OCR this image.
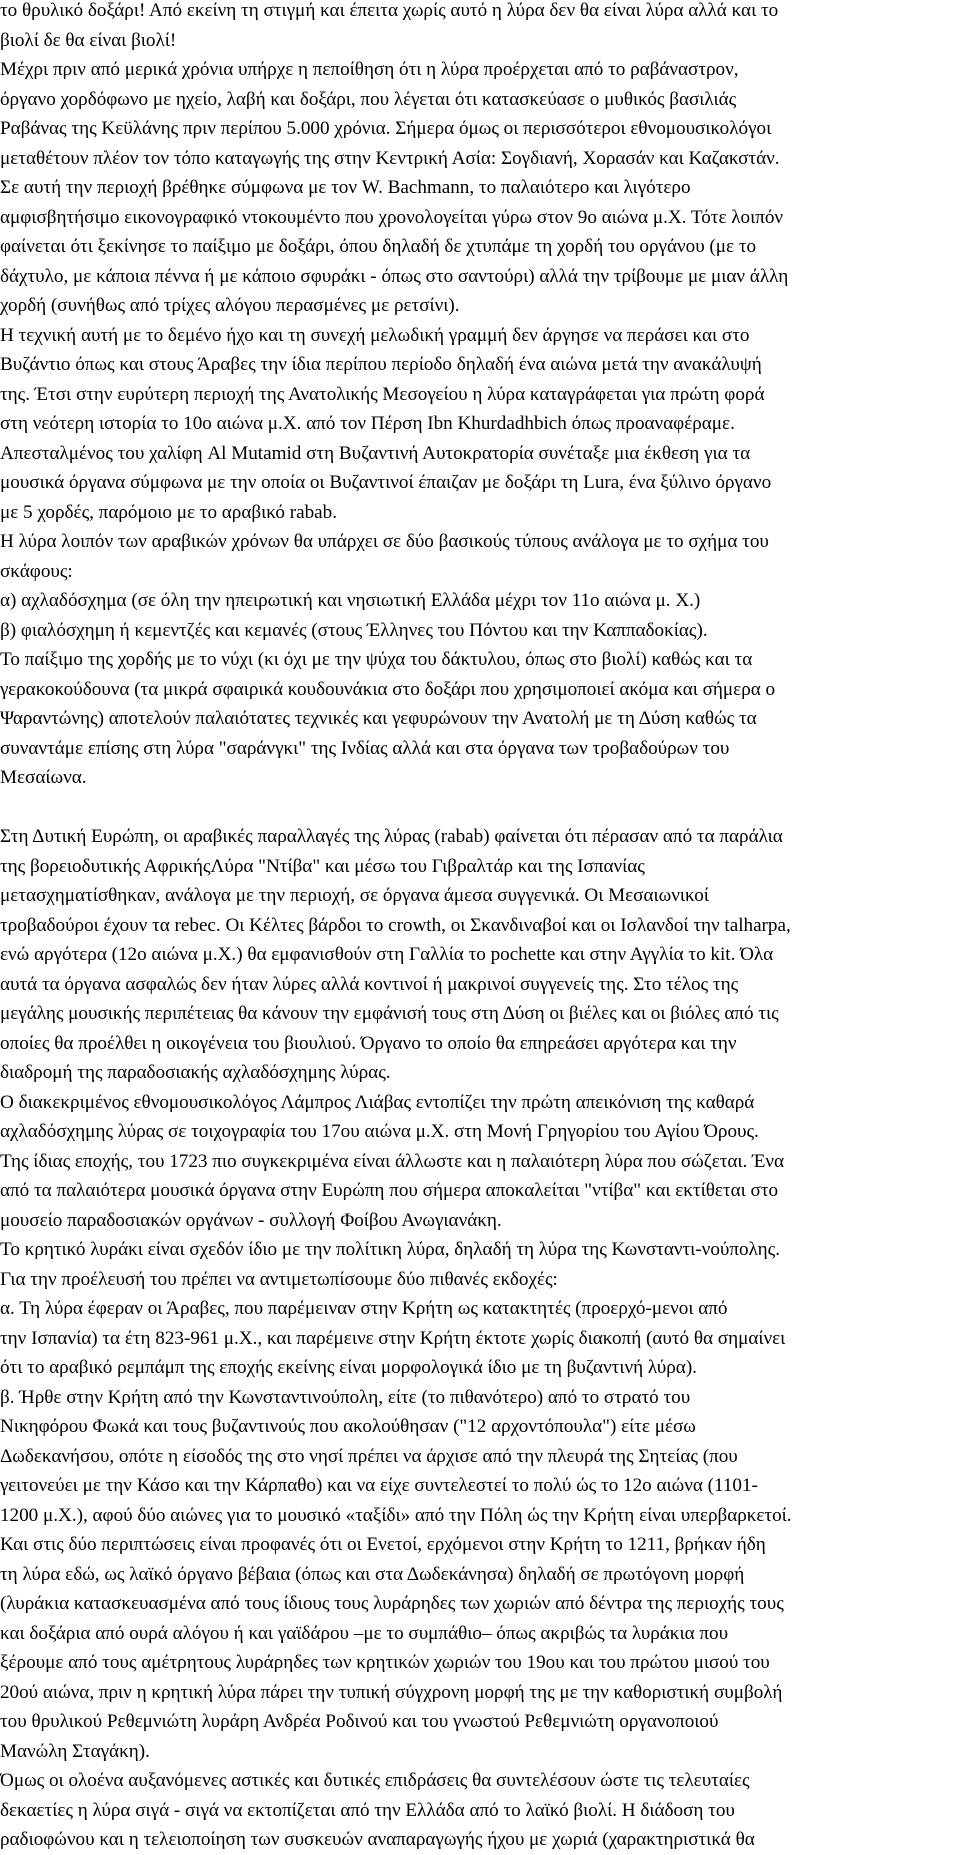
το θρυλικό δοξάρι! Από εκείνη τη στιγμή και έπειτα χωρίς αυτό η λύρα δεν θα είναι λύρα αλλά και το
βιολί δε θα είναι βιολί!
Μέχρι πριν από μερικά χρόνια υπήρχε η πεποίθηση ότι η λύρα προέρχεται από το ραβάναστρον,
όργανο χορδόφωνο με ηχείο, λαβή και δοξάρι, που λέγεται ότι κατασκεύασε ο μυθικός βασιλιάς
Ραβάνας της Κεϋλάνης πριν περίπου 5.000 χρόνια. Σήμερα όμως οι περισσότεροι εθνομουσικολόγοι
μεταθέτουν πλέον τον τόπο καταγωγής της στην Κεντρική Ασία: Σογδιανή, Χορασάν και Καζακστάν.
Σε αυτή την περιοχή βρέθηκε σύμφωνα με τον W. Bachmann, το παλαιότερο και λιγότερο
αμφισβητήσιμο εικονογραφικό ντοκουμέντο που χρονολογείται γύρω στον 9ο αιώνα μ.Χ. Τότε λοιπόν
φαίνεται ότι ξεκίνησε το παίξιμο με δοξάρι, όπου δηλαδή δε χτυπάμε τη χορδή του οργάνου (με το
δάχτυλο, με κάποια πέννα ή με κάποιο σφυράκι - όπως στο σαντούρι) αλλά την τρίβουμε με μιαν άλλη
χορδή (συνήθως από τρίχες αλόγου περασμένες με ρετσίνι).
Η τεχνική αυτή με το δεμένο ήχο και τη συνεχή μελωδική γραμμή δεν άργησε να περάσει και στο
Βυζάντιο όπως και στους Άραβες την ίδια περίπου περίοδο δηλαδή ένα αιώνα μετά την ανακάλυψή
της. Έτσι στην ευρύτερη περιοχή της Ανατολικής Μεσογείου η λύρα καταγράφεται για πρώτη φορά
στη νεότερη ιστορία το 10ο αιώνα μ.Χ. από τον Πέρση Ibn Khurdadhbich όπως προαναφέραμε.
Απεσταλμένος του χαλίφη Al Mutamid στη Βυζαντινή Αυτοκρατορία συνέταξε μια έκθεση για τα
μουσικά όργανα σύμφωνα με την οποία οι Βυζαντινοί έπαιζαν με δοξάρι τη Lura, ένα ξύλινο όργανο
με 5 χορδές, παρόμοιο με το αραβικό rabab.
Η λύρα λοιπόν των αραβικών χρόνων θα υπάρχει σε δύο βασικούς τύπους ανάλογα με το σχήμα του
σκάφους:
α) αχλαδόσχημα (σε όλη την ηπειρωτική και νησιωτική Ελλάδα μέχρι τον 11ο αιώνα μ. Χ.)
β) φιαλόσχημη ή κεμεντζές και κεμανές (στους Έλληνες του Πόντου και την Καππαδοκίας).
Το παίξιμο της χορδής με το νύχι (κι όχι με την ψύχα του δάκτυλου, όπως στο βιολί) καθώς και τα
γερακοκούδουνα (τα μικρά σφαιρικά κουδουνάκια στο δοξάρι που χρησιμοποιεί ακόμα και σήμερα ο
Ψαραντώνης) αποτελούν παλαιότατες τεχνικές και γεφυρώνουν την Ανατολή με τη Δύση καθώς τα
συναντάμε επίσης στη λύρα "σαράνγκι" της Ινδίας αλλά και στα όργανα των τροβαδούρων του
Μεσαίωνα.
Στη Δυτική Ευρώπη, οι αραβικές παραλλαγές της λύρας (rabab) φαίνεται ότι πέρασαν από τα παράλια
της βορειοδυτικής ΑφρικήςΛύρα "Ντίβα" και μέσω του Γιβραλτάρ και της Ισπανίας
μετασχηματίσθηκαν, ανάλογα με την περιοχή, σε όργανα άμεσα συγγενικά. Οι Μεσαιωνικοί
τροβαδούροι έχουν τα rebec. Οι Κέλτες βάρδοι το crowth, οι Σκανδιναβοί και οι Ισλανδοί την talharpa,
ενώ αργότερα (12ο αιώνα μ.Χ.) θα εμφανισθούν στη Γαλλία το pochette και στην Αγγλία το kit. Όλα
αυτά τα όργανα ασφαλώς δεν ήταν λύρες αλλά κοντινοί ή μακρινοί συγγενείς της. Στο τέλος της
μεγάλης μουσικής περιπέτειας θα κάνουν την εμφάνισή τους στη Δύση οι βιέλες και οι βιόλες από τις
οποίες θα προέλθει η οικογένεια του βιουλιού. Όργανο το οποίο θα επηρεάσει αργότερα και την
διαδρομή της παραδοσιακής αχλαδόσχημης λύρας.
Ο διακεκριμένος εθνομουσικολόγος Λάμπρος Λιάβας εντοπίζει την πρώτη απεικόνιση της καθαρά
αχλαδόσχημης λύρας σε τοιχογραφία του 17ου αιώνα μ.Χ. στη Μονή Γρηγορίου του Αγίου Όρους.
Της ίδιας εποχής, του 1723 πιο συγκεκριμένα είναι άλλωστε και η παλαιότερη λύρα που σώζεται. Ένα
από τα παλαιότερα μουσικά όργανα στην Ευρώπη που σήμερα αποκαλείται "ντίβα" και εκτίθεται στο
μουσείο παραδοσιακών οργάνων - συλλογή Φοίβου Ανωγιανάκη.
Το κρητικό λυράκι είναι σχεδόν ίδιο με την πολίτικη λύρα, δηλαδή τη λύρα της Κωνσταντι-νούπολης.
Για την προέλευσή του πρέπει να αντιμετωπίσουμε δύο πιθανές εκδοχές:
α. Τη λύρα έφεραν οι Άραβες, που παρέμειναν στην Κρήτη ως κατακτητές (προερχό-μενοι από
την Ισπανία) τα έτη 823-961 μ.Χ., και παρέμεινε στην Κρήτη έκτοτε χωρίς διακοπή (αυτό θα σημαίνει
ότι το αραβικό ρεμπάμπ της εποχής εκείνης είναι μορφολογικά ίδιο με τη βυζαντινή λύρα).
β. Ήρθε στην Κρήτη από την Κωνσταντινούπολη, είτε (το πιθανότερο) από το στρατό του
Νικηφόρου Φωκά και τους βυζαντινούς που ακολούθησαν ("12 αρχοντόπουλα") είτε μέσω
Δωδεκανήσου, οπότε η είσοδός της στο νησί πρέπει να άρχισε από την πλευρά της Σητείας (που
γειτονεύει με την Κάσο και την Κάρπαθο) και να είχε συντελεστεί το πολύ ώς το 12ο αιώνα (1101-
1200 μ.Χ.), αφού δύο αιώνες για το μουσικό «ταξίδι» από την Πόλη ώς την Κρήτη είναι υπερβαρκετοί.
Και στις δύο περιπτώσεις είναι προφανές ότι οι Ενετοί, ερχόμενοι στην Κρήτη το 1211, βρήκαν ήδη
τη λύρα εδώ, ως λαϊκό όργανο βέβαια (όπως και στα Δωδεκάνησα) δηλαδή σε πρωτόγονη μορφή
(λυράκια κατασκευασμένα από τους ίδιους τους λυράρηδες των χωριών από δέντρα της περιοχής τους
και δοξάρια από ουρά αλόγου ή και γαϊδάρου –με το συμπάθιο– όπως ακριβώς τα λυράκια που
ξέρουμε από τους αμέτρητους λυράρηδες των κρητικών χωριών του 19ου και του πρώτου μισού του
20ού αιώνα, πριν η κρητική λύρα πάρει την τυπική σύγχρονη μορφή της με την καθοριστική συμβολή
του θρυλικού Ρεθεμνιώτη λυράρη Ανδρέα Ροδινού και του γνωστού Ρεθεμνιώτη οργανοποιού
Μανώλη Σταγάκη).
Όμως οι ολοένα αυξανόμενες αστικές και δυτικές επιδράσεις θα συντελέσουν ώστε τις τελευταίες
δεκαετίες η λύρα σιγά - σιγά να εκτοπίζεται από την Ελλάδα από το λαϊκό βιολί. Η διάδοση του
ραδιοφώνου και η τελειοποίηση των συσκευών αναπαραγωγής ήχου με χωριά (χαρακτηριστικά θα
